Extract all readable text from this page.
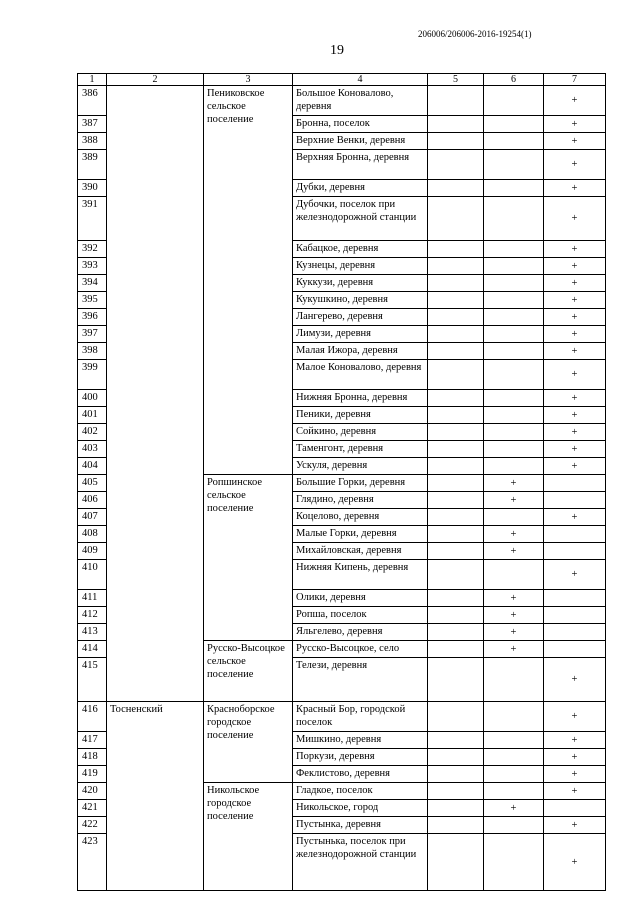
206006/206006-2016-19254(1)
19
1	2	3	4	5	6	7
386		Пениковское сельское поселение	Большое Коновалово, деревня			+
387			Бронна, поселок			+
388			Верхние Венки, деревня			+
389			Верхняя Бронна, деревня			+
390			Дубки, деревня			+
391			Дубочки, поселок при железнодорожной станции			+
392			Кабацкое, деревня			+
393			Кузнецы, деревня			+
394			Куккузи, деревня			+
395			Кукушкино, деревня			+
396			Лангерево, деревня			+
397			Лимузи, деревня			+
398			Малая Ижора, деревня			+
399			Малое Коновалово, деревня			+
400			Нижняя Бронна, деревня			+
401			Пеники, деревня			+
402			Сойкино, деревня			+
403			Таменгонт, деревня			+
404			Ускуля, деревня			+
405		Ропшинское сельское поселение	Большие Горки, деревня		+	
406			Глядино, деревня		+	
407			Коцелово, деревня			+
408			Малые Горки, деревня		+	
409			Михайловская, деревня		+	
410			Нижняя Кипень, деревня			+
411			Олики, деревня		+	
412			Ропша, поселок		+	
413			Яльгелево, деревня		+	
414		Русско-Высоцкое сельское поселение	Русско-Высоцкое, село		+	
415			Телези, деревня			+
416	Тосненский	Красноборское городское поселение	Красный Бор, городской поселок			+
417			Мишкино, деревня			+
418			Поркузи, деревня			+
419			Феклистово, деревня			+
420		Никольское городское поселение	Гладкое, поселок			+
421			Никольское, город		+	
422			Пустынка, деревня			+
423			Пустынька, поселок при железнодорожной станции			+
